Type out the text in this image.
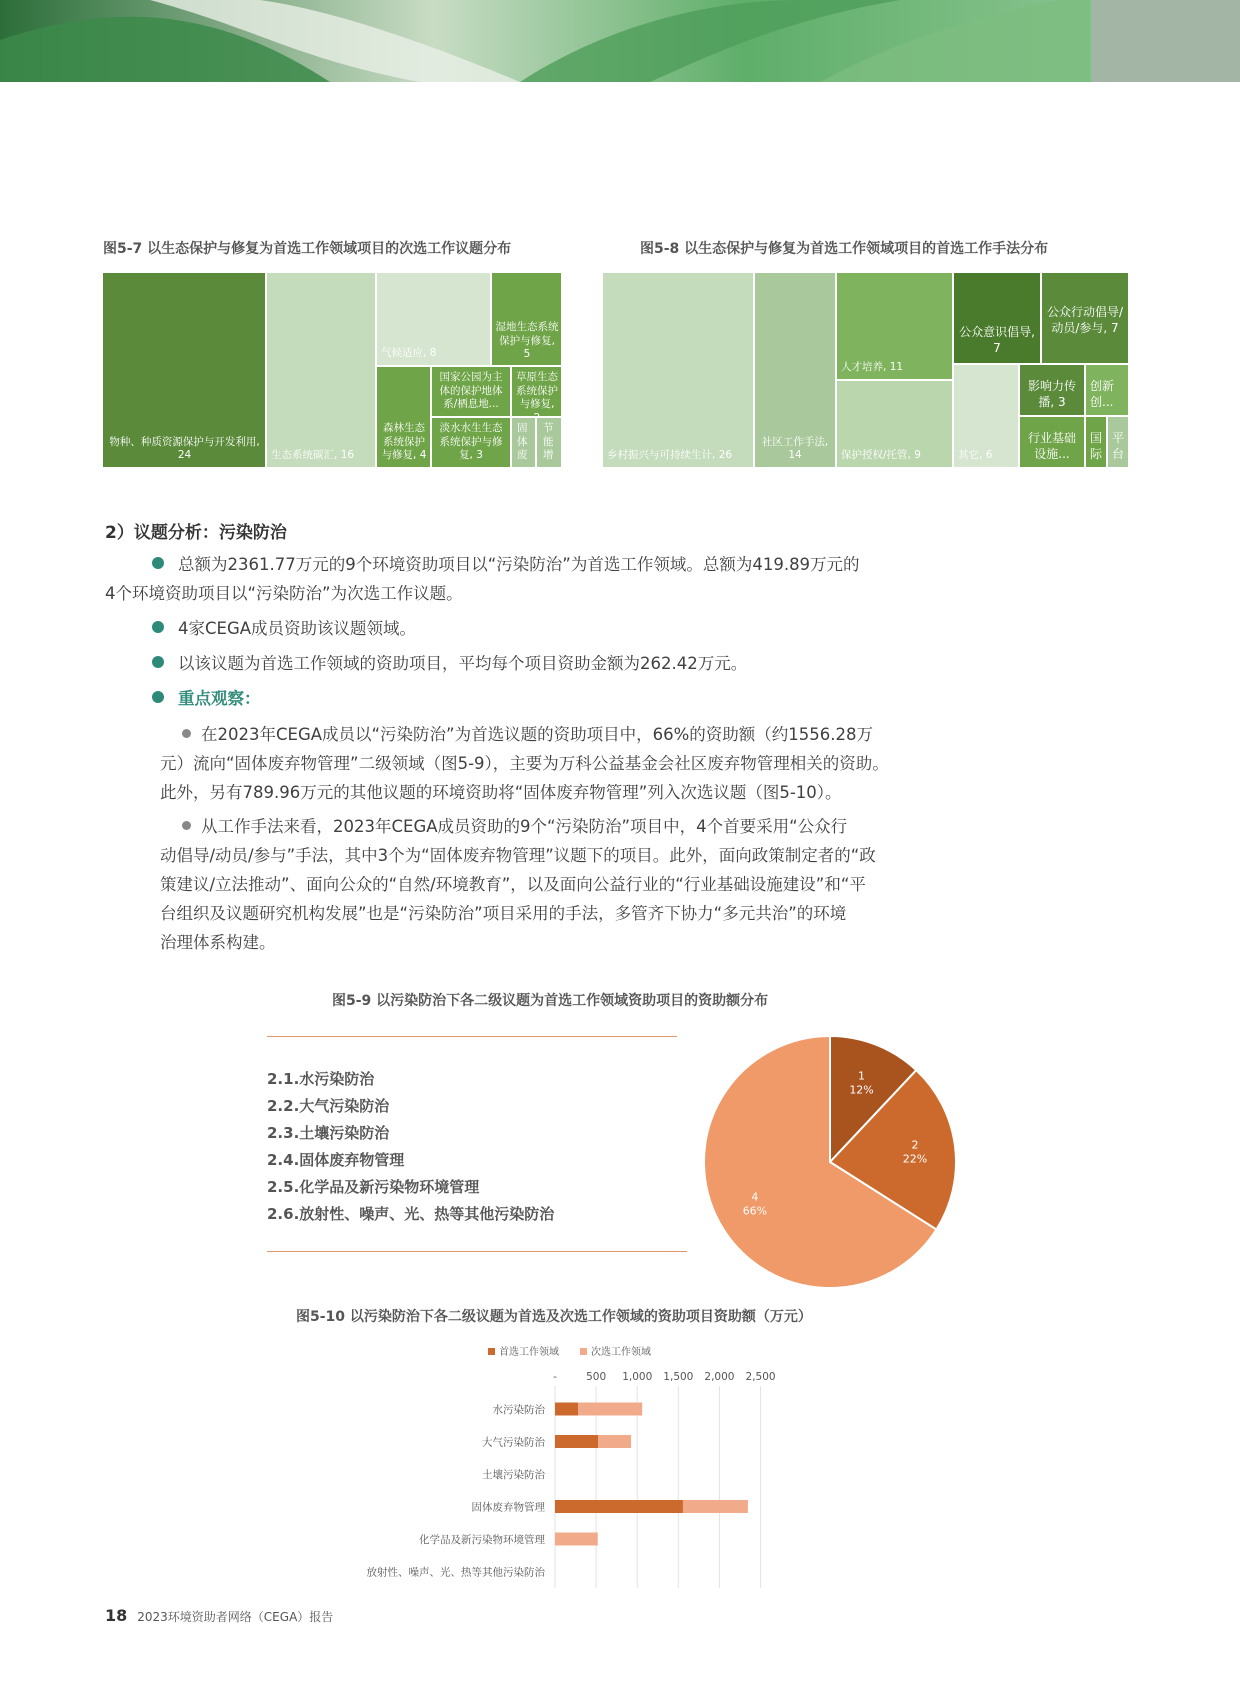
图5-7 以生态保护与修复为首选工作领域项目的次选工作议题分布
物种、种质资源保护与开发利用,
24	生态系统碳汇, 16
气候适应, 8
湿地生态系统保护与修复, 5
国家公园为主体的保护地体系/栖息地...
草原生态系统保护与修复,
森林生态系统保护与修复, 4
淡水水生生态系统保护与修复, 3
固体废
节能增
图5-8 以生态保护与修复为首选工作领域项目的首选工作手法分布
乡村振兴与可持续生计, 26
社区工作手法, 14
人才培养, 11
保护授权/托管, 9
公众意识倡导,
7
公众行动倡导/动员/参与, 7
其它, 6
影响力传播, 3
创新创...
行业基础设施...
国际
平台
2）议题分析：污染防治
总额为2361.77万元的9个环境资助项目以“污染防治”为首选工作领域。总额为419.89万元的
4个环境资助项目以“污染防治”为次选工作议题。
4家CEGA成员资助该议题领域。
以该议题为首选工作领域的资助项目，平均每个项目资助金额为262.42万元。
重点观察：
在2023年CEGA成员以“污染防治”为首选议题的资助项目中，66%的资助额（约1556.28万
元）流向“固体废弃物管理”二级领域（图5-9），主要为万科公益基金会社区废弃物管理相关的资助。
此外，另有789.96万元的其他议题的环境资助将“固体废弃物管理”列入次选议题（图5-10）。
从工作手法来看，2023年CEGA成员资助的9个“污染防治”项目中，4个首要采用“公众行
动倡导/动员/参与”手法，其中3个为“固体废弃物管理”议题下的项目。此外，面向政策制定者的“政
策建议/立法推动”、面向公众的“自然/环境教育”，以及面向公益行业的“行业基础设施建设”和“平
台组织及议题研究机构发展”也是“污染防治”项目采用的手法，多管齐下协力“多元共治”的环境
治理体系构建。
图5-9 以污染防治下各二级议题为首选工作领域资助项目的资助额分布
2.1.水污染防治
2.2.大气污染防治
2.3.土壤污染防治
2.4.固体废弃物管理
2.5.化学品及新污染物环境管理
2.6.放射性、噪声、光、热等其他污染防治
1
12%
2
22%
4
66%
图5-10 以污染防治下各二级议题为首选及次选工作领域的资助项目资助额（万元）
首选工作领域	次选工作领域
-	500 1,000 1,500 2,000 2,500
水污染防治
大气污染防治
土壤污染防治
固体废弃物管理
化学品及新污染物环境管理
放射性、噪声、光、热等其他污染防治
18 2023环境资助者网络（CEGA）报告
